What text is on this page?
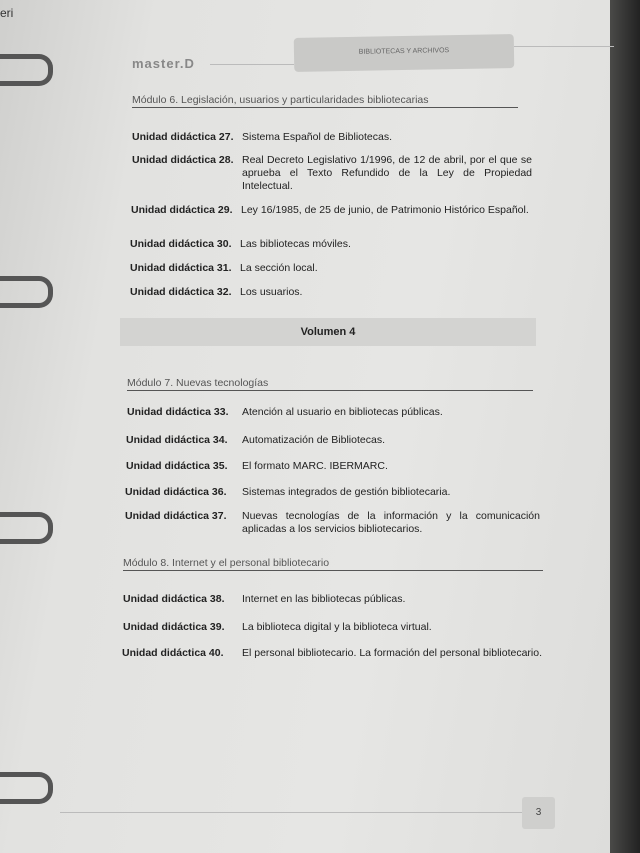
eri
master.D
BIBLIOTECAS Y ARCHIVOS
Módulo 6. Legislación, usuarios y particularidades bibliotecarias
Unidad didáctica 27. Sistema Español de Bibliotecas.
Unidad didáctica 28. Real Decreto Legislativo 1/1996, de 12 de abril, por el que se aprueba el Texto Refundido de la Ley de Propiedad Intelectual.
Unidad didáctica 29. Ley 16/1985, de 25 de junio, de Patrimonio Histórico Español.
Unidad didáctica 30. Las bibliotecas móviles.
Unidad didáctica 31. La sección local.
Unidad didáctica 32. Los usuarios.
Volumen 4
Módulo 7. Nuevas tecnologías
Unidad didáctica 33.	Atención al usuario en bibliotecas públicas.
Unidad didáctica 34.	Automatización de Bibliotecas.
Unidad didáctica 35.	El formato MARC. IBERMARC.
Unidad didáctica 36.	Sistemas integrados de gestión bibliotecaria.
Unidad didáctica 37.	Nuevas tecnologías de la información y la comunicación aplicadas a los servicios bibliotecarios.
Módulo 8. Internet y el personal bibliotecario
Unidad didáctica 38.	Internet en las bibliotecas públicas.
Unidad didáctica 39.	La biblioteca digital y la biblioteca virtual.
Unidad didáctica 40.	El personal bibliotecario. La formación del personal bibliotecario.
3
